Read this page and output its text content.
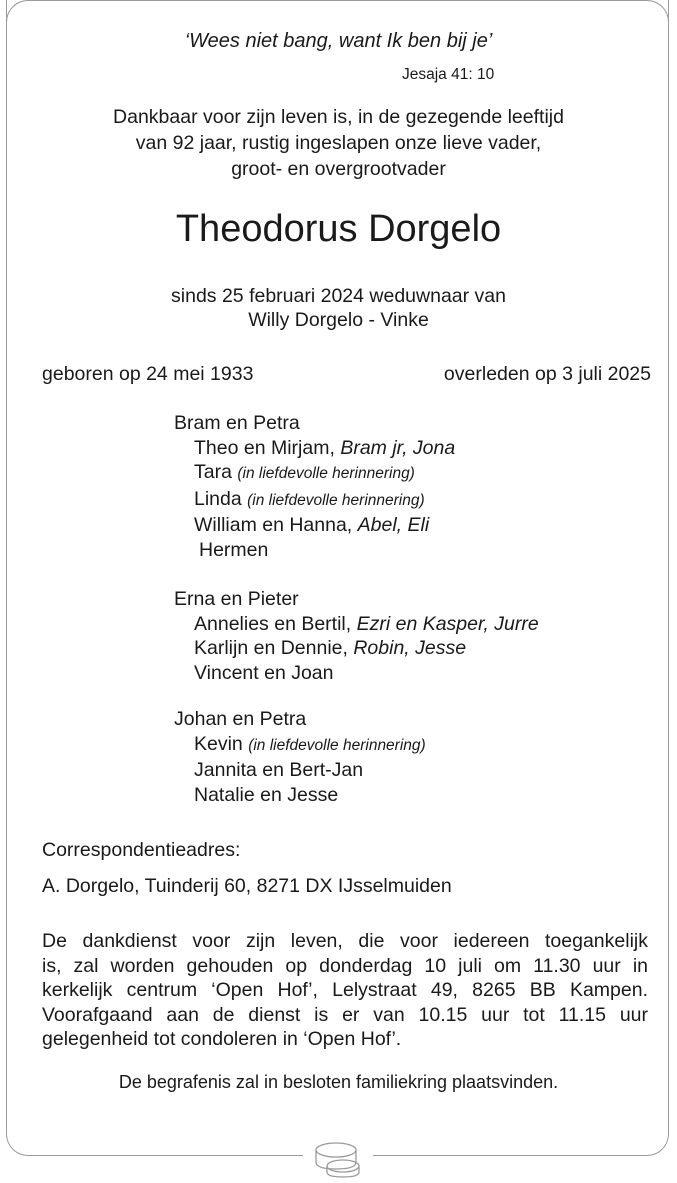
‘Wees niet bang, want Ik ben bij je’
Jesaja 41: 10
Dankbaar voor zijn leven is, in de gezegende leeftijd
van 92 jaar, rustig ingeslapen onze lieve vader,
groot- en overgrootvader
Theodorus Dorgelo
sinds 25 februari 2024 weduwnaar van
Willy Dorgelo - Vinke
geboren op 24 mei 1933	overleden op 3 juli 2025
Bram en Petra
Theo en Mirjam, Bram jr, Jona
Tara (in liefdevolle herinnering)
Linda (in liefdevolle herinnering)
William en Hanna, Abel, Eli
Hermen
Erna en Pieter
Annelies en Bertil, Ezri en Kasper, Jurre
Karlijn en Dennie, Robin, Jesse
Vincent en Joan
Johan en Petra
Kevin (in liefdevolle herinnering)
Jannita en Bert-Jan
Natalie en Jesse
Correspondentieadres:
A. Dorgelo, Tuinderij 60, 8271 DX IJsselmuiden
De dankdienst voor zijn leven, die voor iedereen toegankelijk
is, zal worden gehouden op donderdag 10 juli om 11.30 uur in
kerkelijk centrum ‘Open Hof’, Lelystraat 49, 8265 BB Kampen.
Voorafgaand aan de dienst is er van 10.15 uur tot 11.15 uur
gelegenheid tot condoleren in ‘Open Hof’.
De begrafenis zal in besloten familiekring plaatsvinden.
